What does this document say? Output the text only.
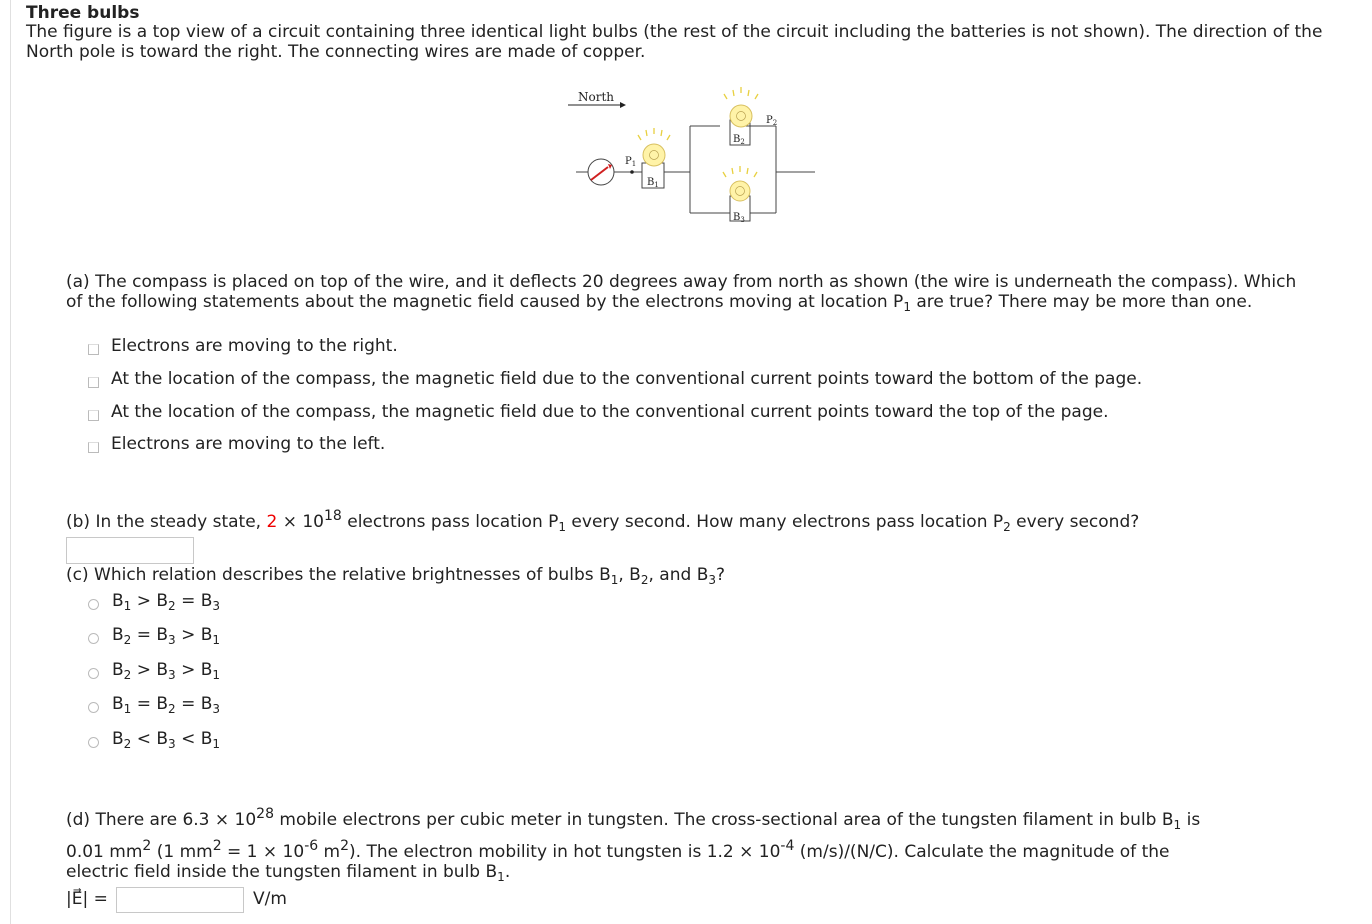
Three bulbs
The figure is a top view of a circuit containing three identical light bulbs (the rest of the circuit including the batteries is not shown). The direction of the North pole is toward the right. The connecting wires are made of copper.
North
$P_1$
$B_1$
$B_2$
$P_2$
$B_3$
(a) The compass is placed on top of the wire, and it deflects 20 degrees away from north as shown (the wire is underneath the compass). Which of the following statements about the magnetic field caused by the electrons moving at location $P_1$ are true? There may be more than one.
Electrons are moving to the right.
At the location of the compass, the magnetic field due to the conventional current points toward the bottom of the page.
At the location of the compass, the magnetic field due to the conventional current points toward the top of the page.
Electrons are moving to the left.
(b) In the steady state, $2 \times 10^{18}$ electrons pass location $P_1$ every second. How many electrons pass location $P_2$ every second?
(c) Which relation describes the relative brightnesses of bulbs $B_1$, $B_2$, and $B_3$?
$B_1 > B_2 = B_3$
$B_2 = B_3 > B_1$
$B_2 > B_3 > B_1$
$B_1 = B_2 = B_3$
$B_2 < B_3 < B_1$
(d) There are $6.3 \times 10^{28}$ mobile electrons per cubic meter in tungsten. The cross-sectional area of the tungsten filament in bulb $B_1$ is
0.01 $mm^2$ (1 $mm^2 = 1 \times 10^{-6}$ $m^2$). The electron mobility in hot tungsten is $1.2 \times 10^{-4}$ (m/s)/(N/C). Calculate the magnitude of the
electric field inside the tungsten filament in bulb $B_1$.
|E⃗| =	V/m
